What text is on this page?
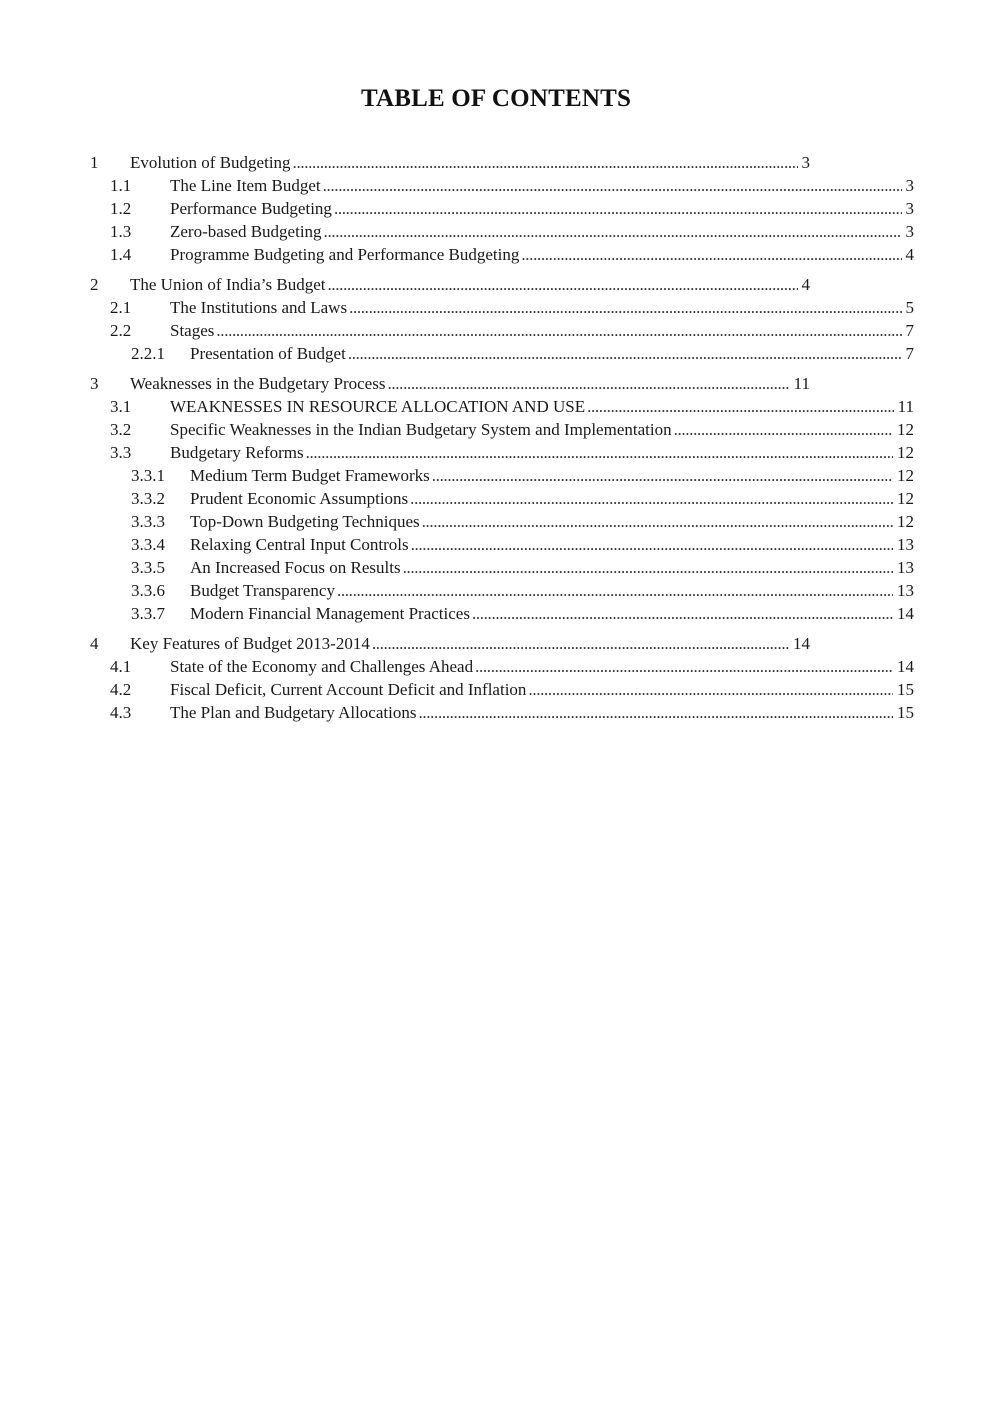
TABLE OF CONTENTS
1 Evolution of Budgeting . . .	3
1.1 The Line Item Budget . . .	3
1.2 Performance Budgeting . . .	3
1.3 Zero-based Budgeting . . .	3
1.4 Programme Budgeting and Performance Budgeting . . .	4
2 The Union of India’s Budget . . .	4
2.1 The Institutions and Laws . . .	5
2.2 Stages . . .	7
2.2.1 Presentation of Budget . . .	7
3 Weaknesses in the Budgetary Process . . .	11
3.1 WEAKNESSES IN RESOURCE ALLOCATION AND USE . . .	11
3.2 Specific Weaknesses in the Indian Budgetary System and Implementation . . .	12
3.3 Budgetary Reforms . . .	12
3.3.1 Medium Term Budget Frameworks . . .	12
3.3.2 Prudent Economic Assumptions . . .	12
3.3.3 Top-Down Budgeting Techniques . . .	12
3.3.4 Relaxing Central Input Controls . . .	13
3.3.5 An Increased Focus on Results . . .	13
3.3.6 Budget Transparency . . .	13
3.3.7 Modern Financial Management Practices . . .	14
4 Key Features of Budget 2013-2014 . . .	14
4.1 State of the Economy and Challenges Ahead . . .	14
4.2 Fiscal Deficit, Current Account Deficit and Inflation . . .	15
4.3 The Plan and Budgetary Allocations . . .	15
